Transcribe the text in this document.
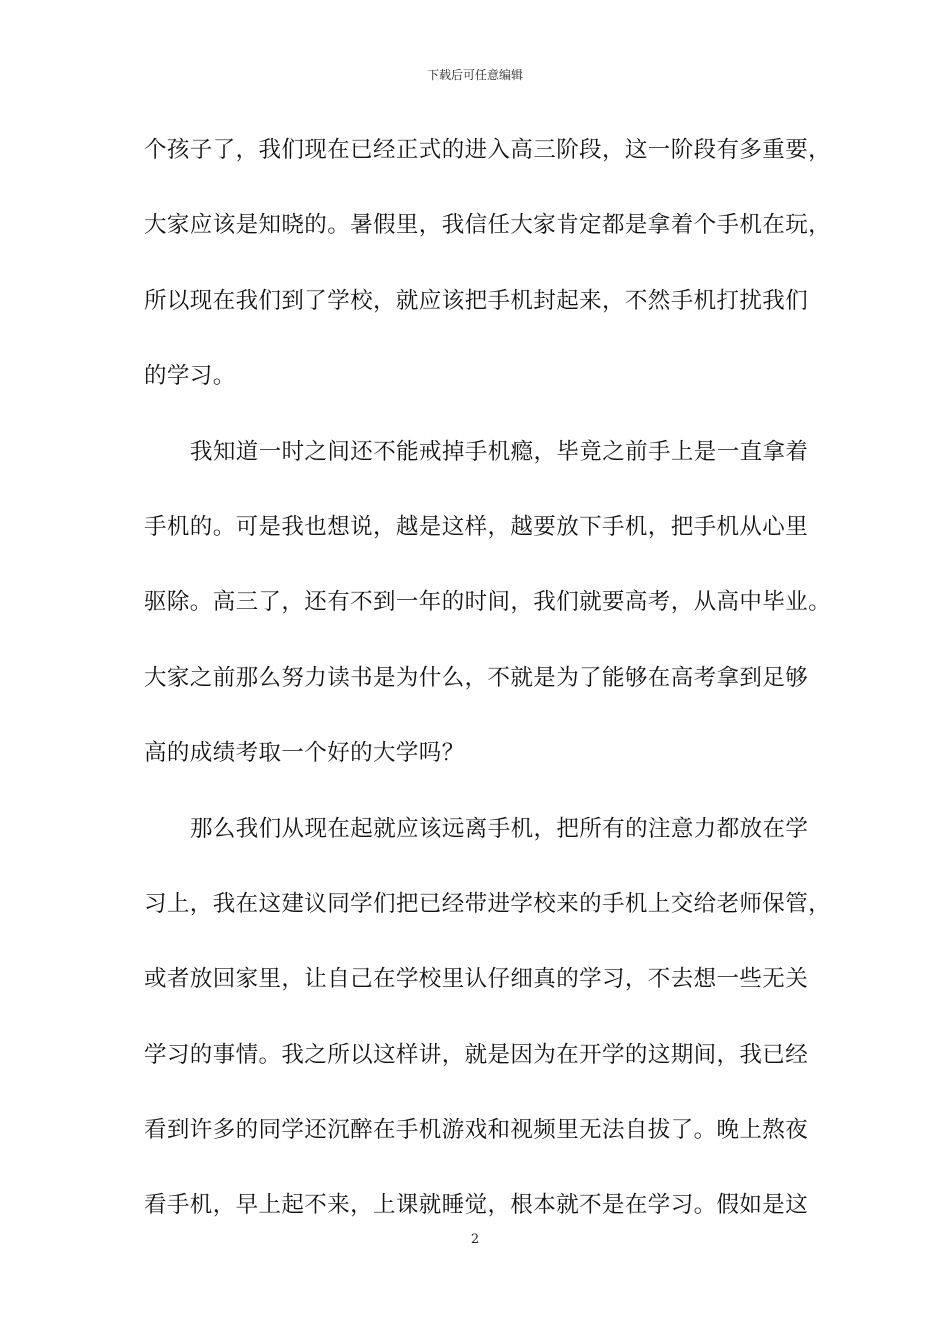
下载后可任意编辑
个孩子了，我们现在已经正式的进入高三阶段，这一阶段有多重要，
大家应该是知晓的。暑假里，我信任大家肯定都是拿着个手机在玩，
所以现在我们到了学校，就应该把手机封起来，不然手机打扰我们
的学习。
我知道一时之间还不能戒掉手机瘾，毕竟之前手上是一直拿着
手机的。可是我也想说，越是这样，越要放下手机，把手机从心里
驱除。高三了，还有不到一年的时间，我们就要高考，从高中毕业。
大家之前那么努力读书是为什么，不就是为了能够在高考拿到足够
高的成绩考取一个好的大学吗？
那么我们从现在起就应该远离手机，把所有的注意力都放在学
习上，我在这建议同学们把已经带进学校来的手机上交给老师保管，
或者放回家里，让自己在学校里认仔细真的学习，不去想一些无关
学习的事情。我之所以这样讲，就是因为在开学的这期间，我已经
看到许多的同学还沉醉在手机游戏和视频里无法自拔了。晚上熬夜
看手机，早上起不来，上课就睡觉，根本就不是在学习。假如是这
2
